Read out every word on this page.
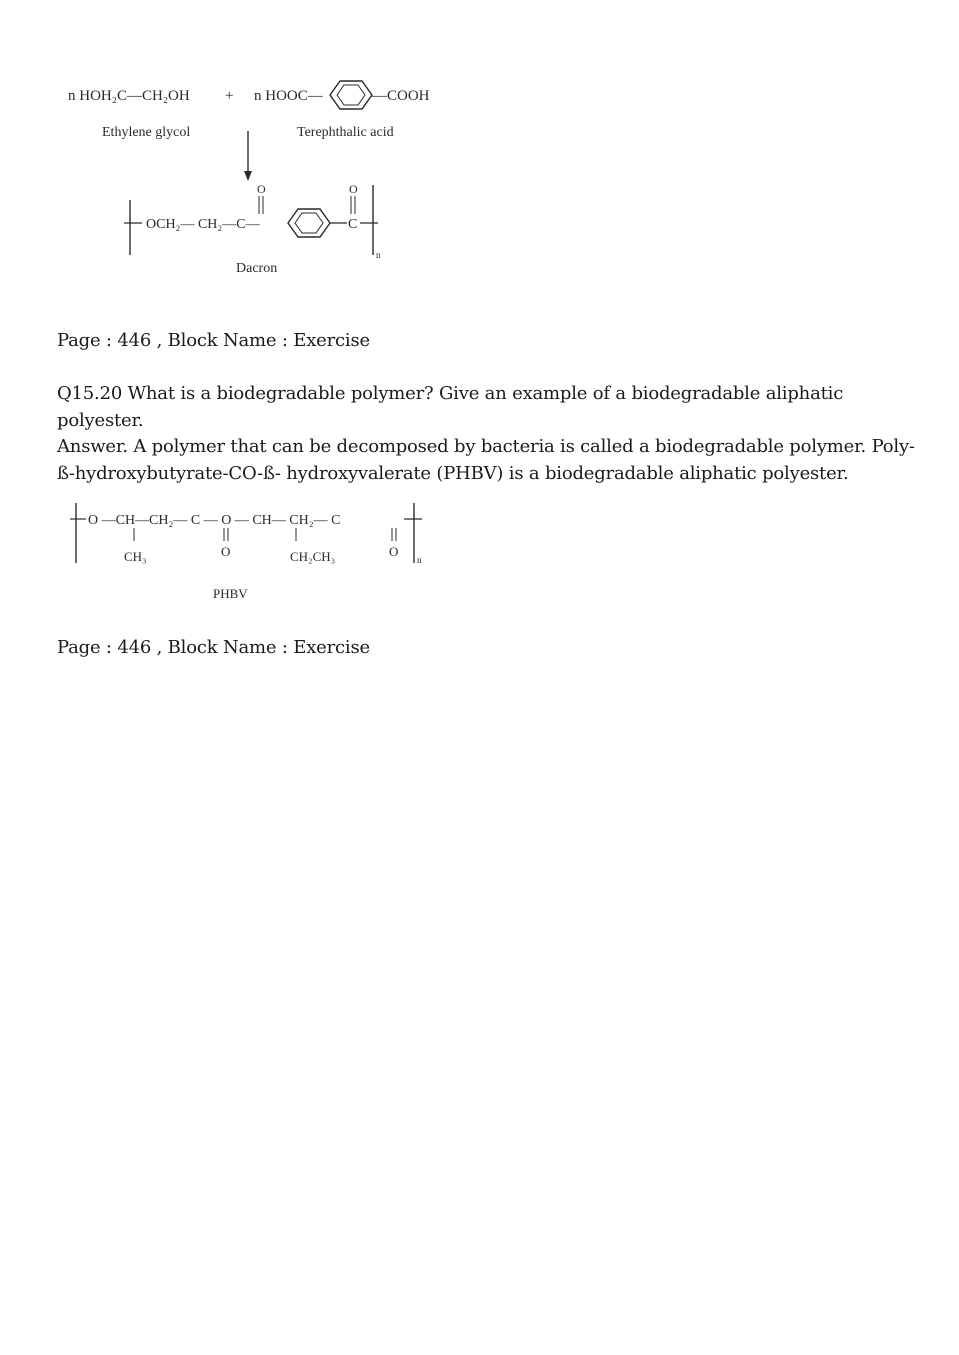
n HOH₂C—CH₂OH + n HOOC—	—COOH
Ethylene glycol	Terephthalic acid
OCH₂— CH₂—C—
O	O
C
n
Dacron
Page : 446 , Block Name : Exercise
Q15.20 What is a biodegradable polymer? Give an example of a biodegradable aliphatic polyester.
Answer. A polymer that can be decomposed by bacteria is called a biodegradable polymer. Poly-ß-hydroxybutyrate-CO-ß- hydroxyvalerate (PHBV) is a biodegradable aliphatic polyester.
O —CH—CH₂— C — O — CH— CH₂— C
CH₃	O	CH₂CH₃	O
n
PHBV
Page : 446 , Block Name : Exercise
